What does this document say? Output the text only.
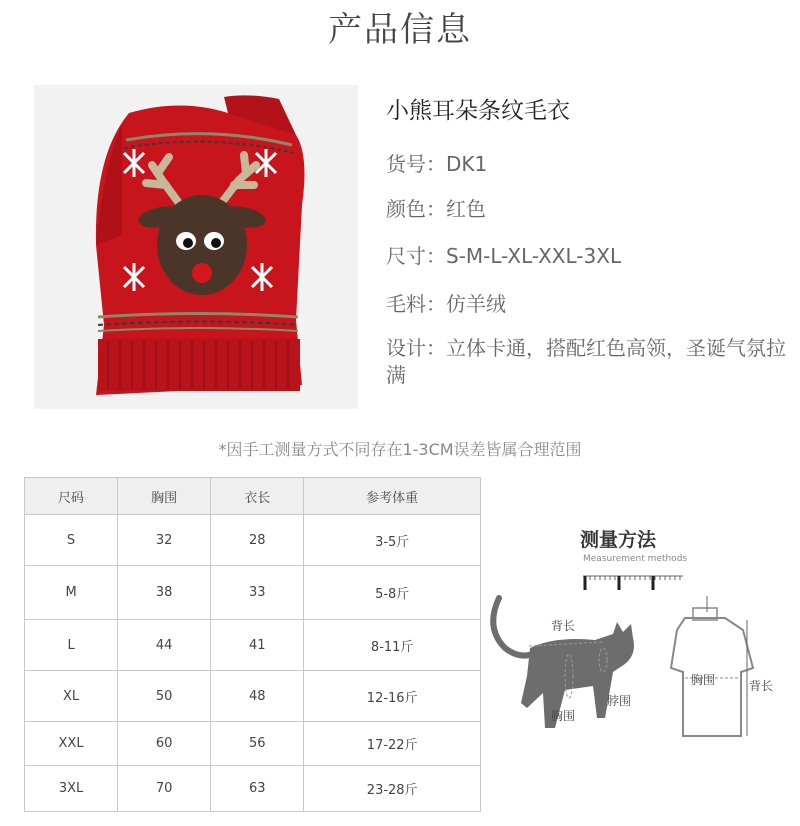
产品信息
小熊耳朵条纹毛衣
货号：DK1
颜色：红色
尺寸：S-M-L-XL-XXL-3XL
毛料：仿羊绒
设计：立体卡通，搭配红色高领，圣诞气氛拉满
*因手工测量方式不同存在1-3CM误差皆属合理范围
尺码	胸围	衣长	参考体重
S	32	28	3-5斤
M	38	33	5-8斤
L	44	41	8-11斤
XL	50	48	12-16斤
XXL	60	56	17-22斤
3XL	70	63	23-28斤
测量方法
Measurement methods
背长
脖围
胸围
胸围	背长
